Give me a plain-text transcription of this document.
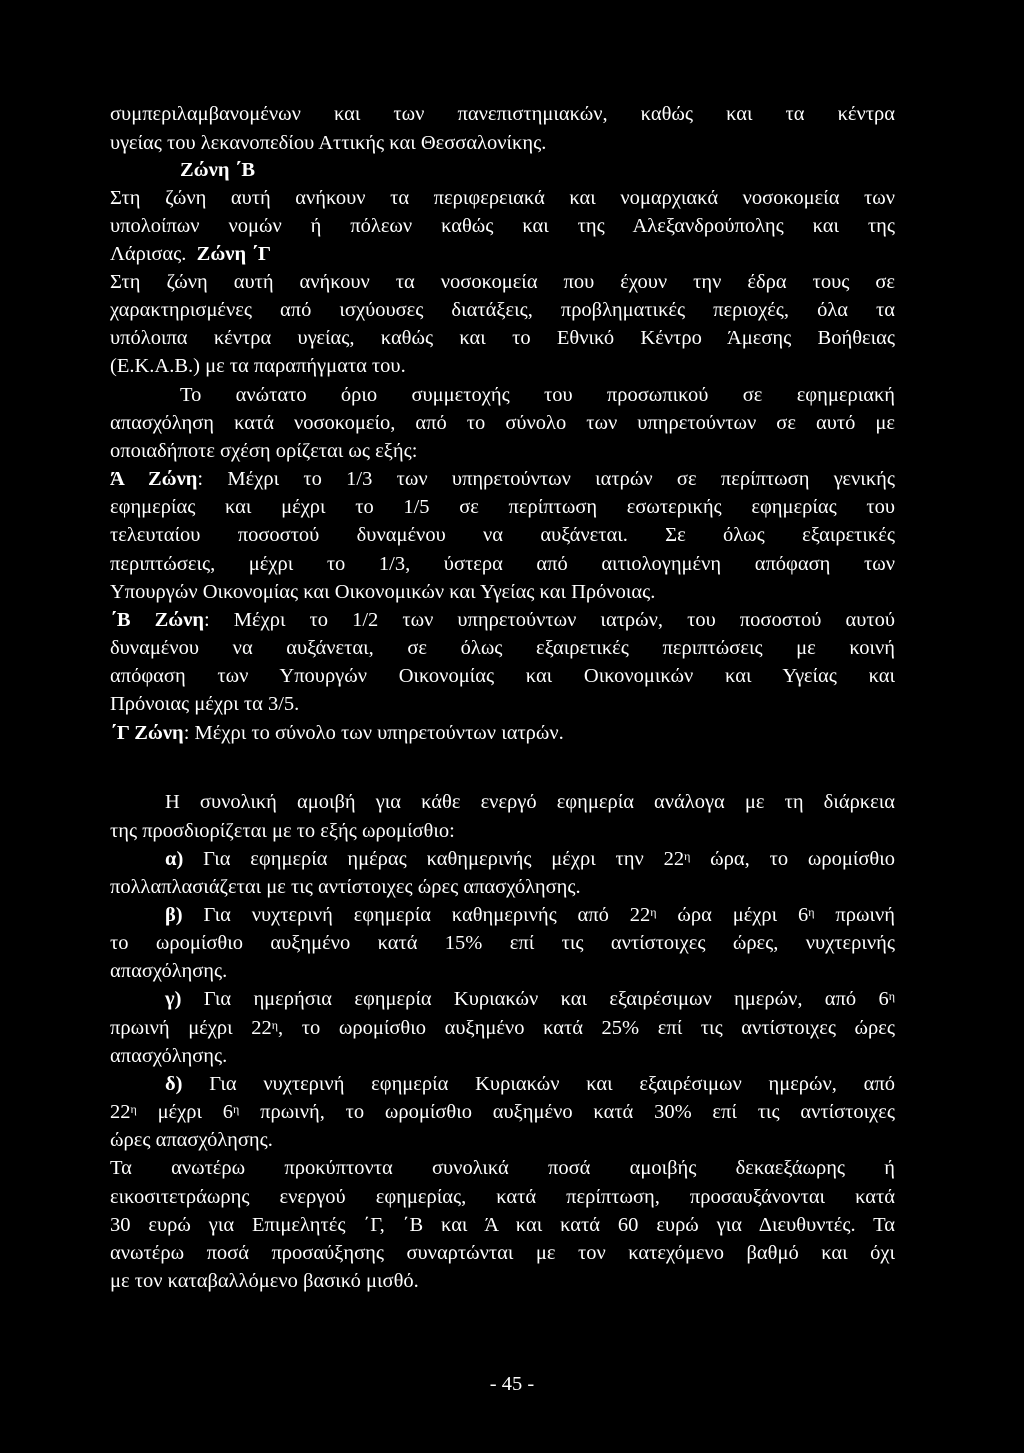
συμπεριλαμβανομένων και των πανεπιστημιακών, καθώς και τα κέντρα
υγείας του λεκανοπεδίου Αττικής και Θεσσαλονίκης.
Ζώνη ΄Β
Στη ζώνη αυτή ανήκουν τα περιφερειακά και νομαρχιακά νοσοκομεία των
υπολοίπων νομών ή πόλεων καθώς και της Αλεξανδρούπολης και της
Λάρισας. Ζώνη ΄Γ
Στη ζώνη αυτή ανήκουν τα νοσοκομεία που έχουν την έδρα τους σε
χαρακτηρισμένες από ισχύουσες διατάξεις, προβληματικές περιοχές, όλα τα
υπόλοιπα κέντρα υγείας, καθώς και το Εθνικό Κέντρο Άμεσης Βοήθειας
(Ε.Κ.Α.Β.) με τα παραπήγματα του.
Το ανώτατο όριο συμμετοχής του προσωπικού σε εφημεριακή
απασχόληση κατά νοσοκομείο, από το σύνολο των υπηρετούντων σε αυτό με
οποιαδήποτε σχέση ορίζεται ως εξής:
Ά Ζώνη: Μέχρι το 1/3 των υπηρετούντων ιατρών σε περίπτωση γενικής
εφημερίας και μέχρι το 1/5 σε περίπτωση εσωτερικής εφημερίας του
τελευταίου ποσοστού δυναμένου να αυξάνεται. Σε όλως εξαιρετικές
περιπτώσεις, μέχρι το 1/3, ύστερα από αιτιολογημένη απόφαση των
Υπουργών Οικονομίας και Οικονομικών και Υγείας και Πρόνοιας.
΄Β Ζώνη: Μέχρι το 1/2 των υπηρετούντων ιατρών, του ποσοστού αυτού
δυναμένου να αυξάνεται, σε όλως εξαιρετικές περιπτώσεις με κοινή
απόφαση των Υπουργών Οικονομίας και Οικονομικών και Υγείας και
Πρόνοιας μέχρι τα 3/5.
΄Γ Ζώνη: Μέχρι το σύνολο των υπηρετούντων ιατρών.
Η συνολική αμοιβή για κάθε ενεργό εφημερία ανάλογα με τη διάρκεια
της προσδιορίζεται με το εξής ωρομίσθιο:
α) Για εφημερία ημέρας καθημερινής μέχρι την $22^\eta$ ώρα, το ωρομίσθιο
πολλαπλασιάζεται με τις αντίστοιχες ώρες απασχόλησης.
β) Για νυχτερινή εφημερία καθημερινής από $22^\eta$ ώρα μέχρι $6^\eta$ πρωινή
το ωρομίσθιο αυξημένο κατά 15% επί τις αντίστοιχες ώρες, νυχτερινής
απασχόλησης.
γ) Για ημερήσια εφημερία Κυριακών και εξαιρέσιμων ημερών, από $6^\eta$
πρωινή μέχρι $22^\eta$, το ωρομίσθιο αυξημένο κατά 25% επί τις αντίστοιχες ώρες
απασχόλησης.
δ) Για νυχτερινή εφημερία Κυριακών και εξαιρέσιμων ημερών, από
$22^\eta$ μέχρι $6^\eta$ πρωινή, το ωρομίσθιο αυξημένο κατά 30% επί τις αντίστοιχες
ώρες απασχόλησης.
Τα ανωτέρω προκύπτοντα συνολικά ποσά αμοιβής δεκαεξάωρης ή
εικοσιτετράωρης ενεργού εφημερίας, κατά περίπτωση, προσαυξάνονται κατά
30 ευρώ για Επιμελητές ΄Γ, ΄Β και Ά και κατά 60 ευρώ για Διευθυντές. Τα
ανωτέρω ποσά προσαύξησης συναρτώνται με τον κατεχόμενο βαθμό και όχι
με τον καταβαλλόμενο βασικό μισθό.
- 45 -
